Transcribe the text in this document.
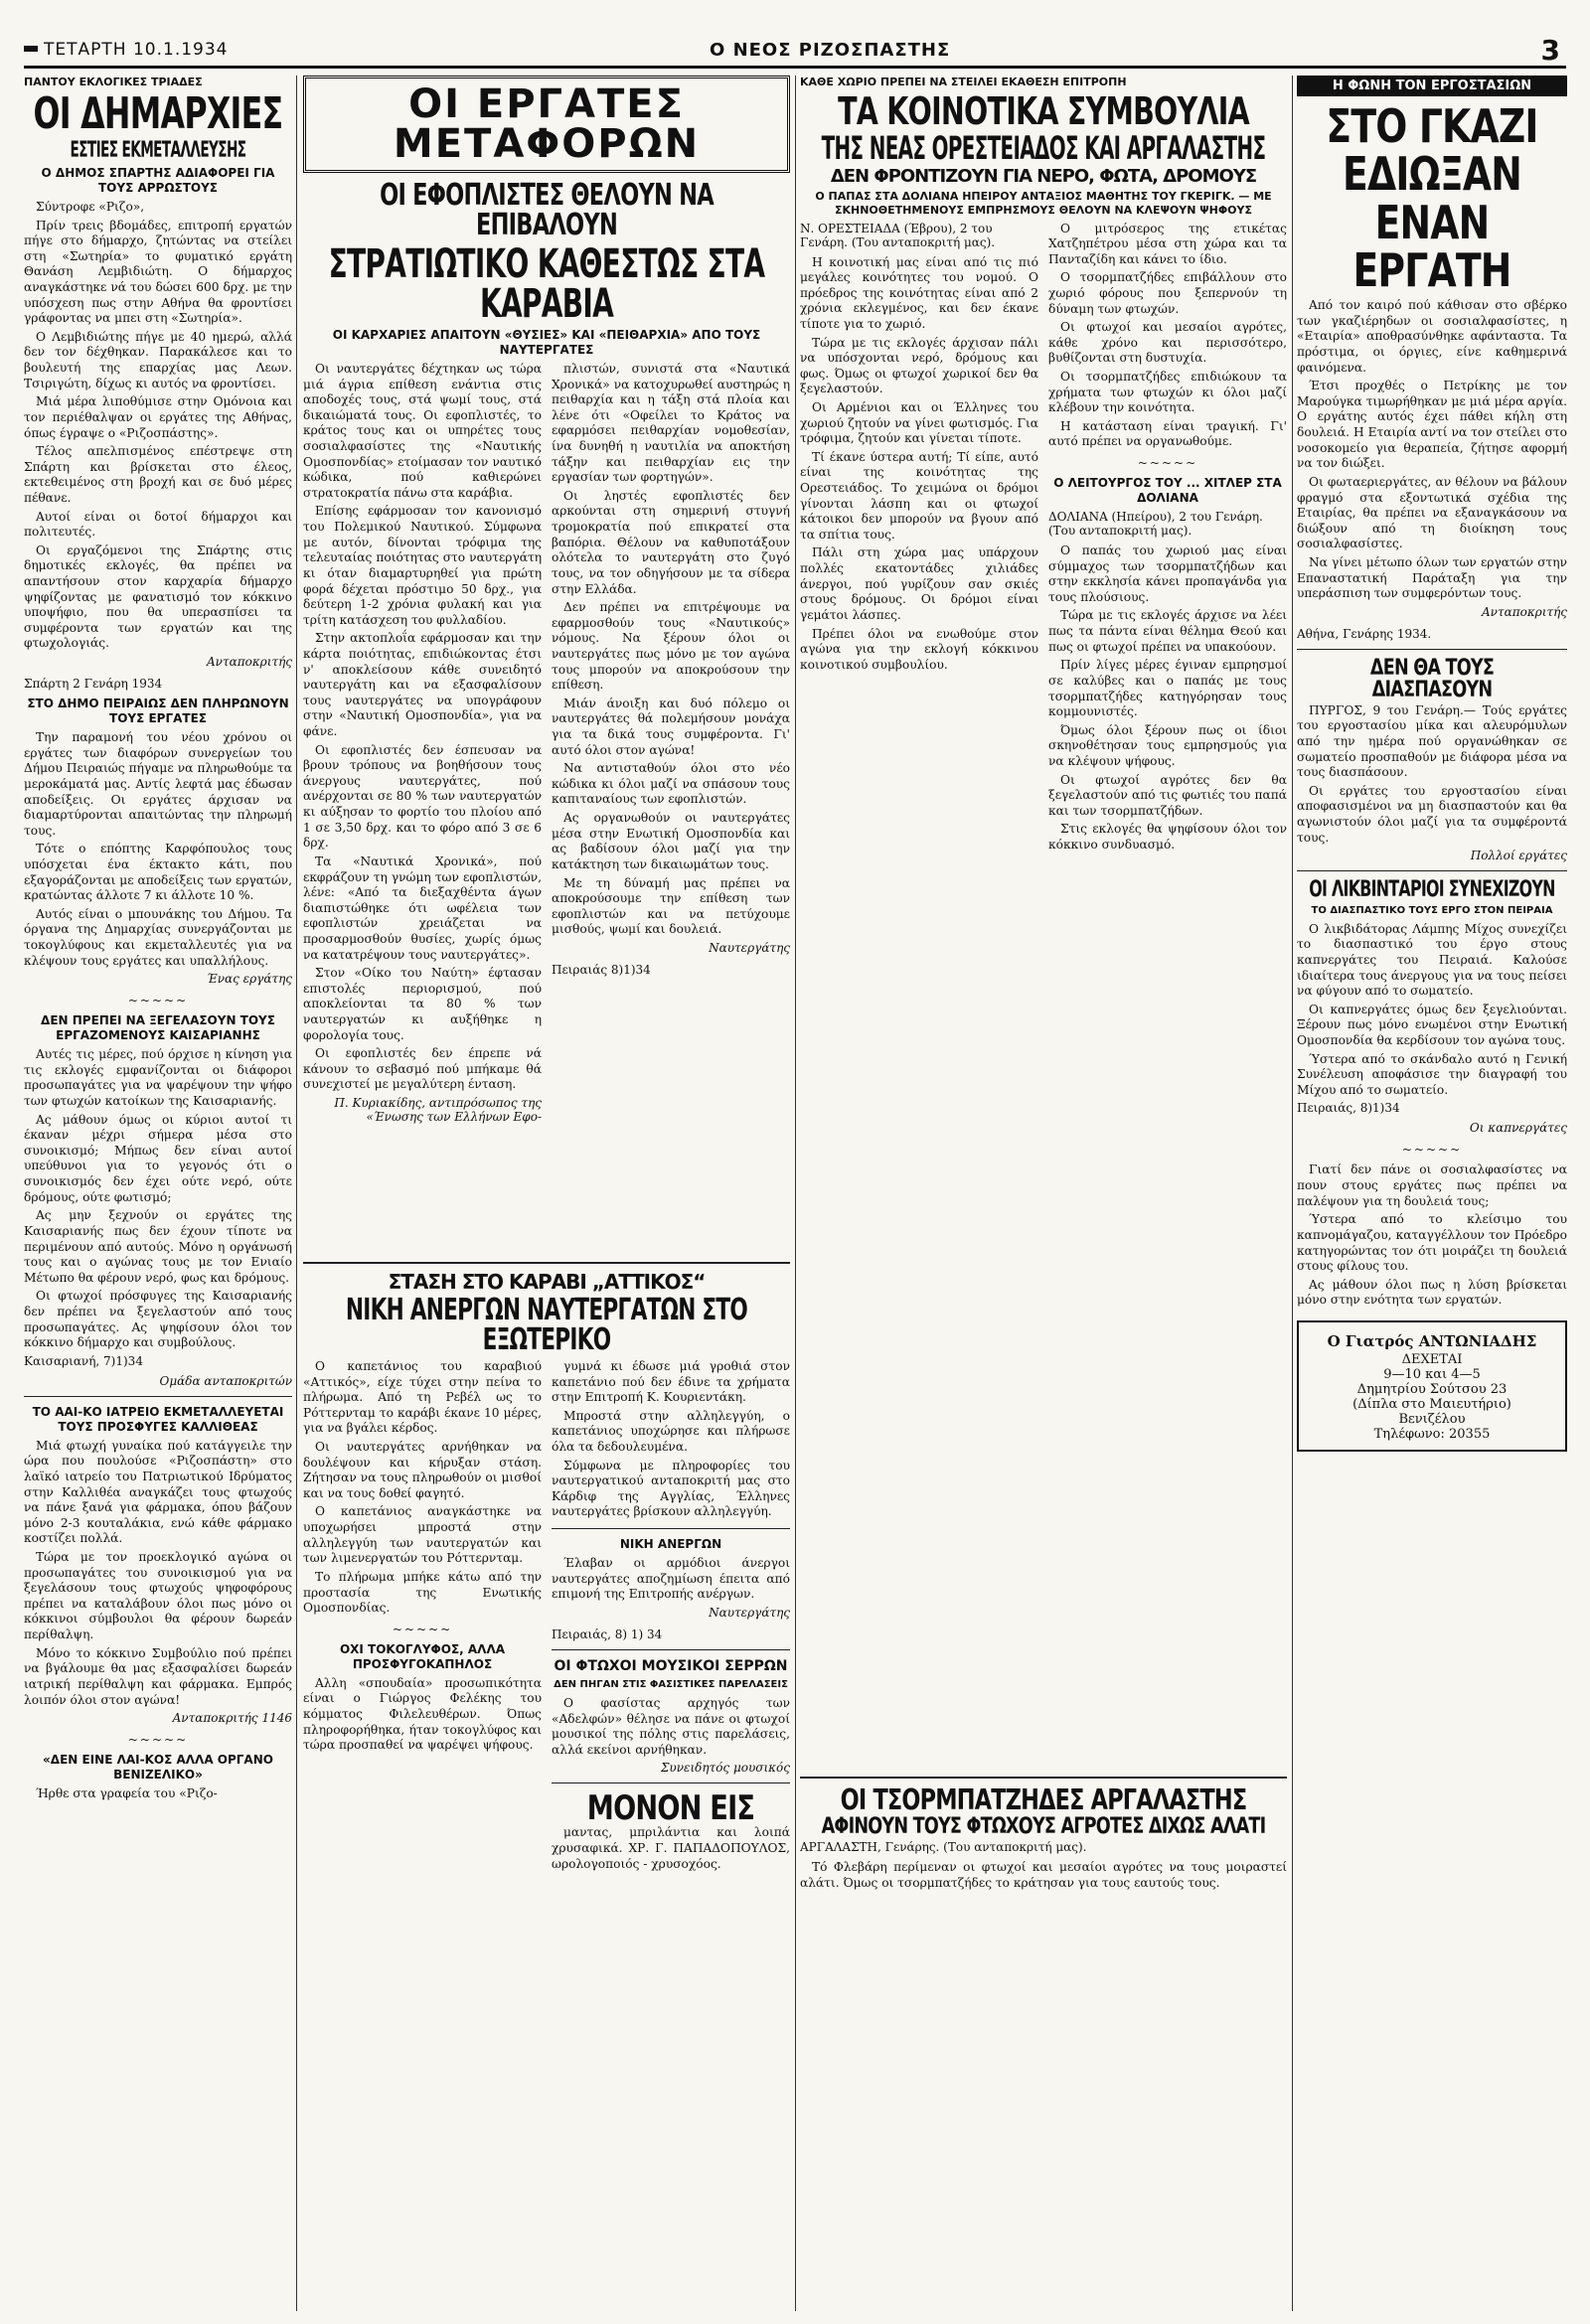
ΤΕΤΑΡΤΗ 10.1.1934	Ο ΝΕΟΣ ΡΙΖΟΣΠΑΣΤΗΣ	3

ΠΑΝΤΟΥ ΕΚΛΟΓΙΚΕΣ ΤΡΙΑΔΕΣ

ΟΙ ΔΗΜΑΡΧΙΕΣ
ΕΣΤΙΕΣ ΕΚΜΕΤΑΛΛΕΥΣΗΣ

Ο ΔΗΜΟΣ ΣΠΑΡΤΗΣ ΑΔΙΑΦΟΡΕΙ ΓΙΑ ΤΟΥΣ ΑΡΡΩΣΤΟΥΣ

Σύντροφε «Ριζο»,

Πρίν τρεις βδομάδες, επιτροπή εργατών πήγε στο δήμαρχο, ζητώντας να στείλει στη «Σωτηρία» το φυματικό εργάτη Θανάση Λεμβιδιώτη. Ο δήμαρχος αναγκάστηκε νά του δώσει 600 δρχ. με την υπόσχεση πως στην Αθήνα θα φροντίσει γράφοντας να μπει στη «Σωτηρία».

Ο Λεμβιδιώτης πήγε με 40 ημερώ, αλλά δεν τον δέχθηκαν. Παρακάλεσε και το βουλευτή της επαρχίας μας Λεων. Τσιριγώτη, δίχως κι αυτός να φροντίσει.

Μιά μέρα λιποθύμισε στην Ομόνοια και τον περιέθαλψαν οι εργάτες της Αθήνας, όπως έγραψε ο «Ριζοσπάστης».

Τέλος απελπισμένος επέστρεψε στη Σπάρτη και βρίσκεται στο έλεος, εκτεθειμένος στη βροχή και σε δυό μέρες πέθανε.

Αυτοί είναι οι δοτοί δήμαρχοι και πολιτευτές.

Οι εργαζόμενοι της Σπάρτης στις δημοτικές εκλογές, θα πρέπει να απαντήσουν στον καρχαρία δήμαρχο ψηφίζοντας με φανατισμό τον κόκκινο υποψήφιο, που θα υπερασπίσει τα συμφέροντα των εργατών και της φτωχολογιάς.

Ανταποκριτής

Σπάρτη 2 Γενάρη 1934

ΣΤΟ ΔΗΜΟ ΠΕΙΡΑΙΩΣ ΔΕΝ ΠΛΗΡΩΝΟΥΝ ΤΟΥΣ ΕΡΓΑΤΕΣ

Την παραμονή του νέου χρόνου οι εργάτες των διαφόρων συνεργείων του Δήμου Πειραιώς πήγαμε να πληρωθούμε τα μεροκάματά μας. Αντίς λεφτά μας έδωσαν αποδείξεις. Οι εργάτες άρχισαν να διαμαρτύρονται απαιτώντας την πληρωμή τους.

Τότε ο επόπτης Καρφόπουλος τους υπόσχεται ένα έκτακτο κάτι, που εξαγοράζονται με αποδείξεις των εργατών, κρατώντας άλλοτε 7 κι άλλοτε 10 %.

Αυτός είναι ο μπουνάκης του Δήμου. Τα όργανα της Δημαρχίας συνεργάζονται με τοκογλύφους και εκμεταλλευτές για να κλέψουν τους εργάτες και υπαλλήλους.

Ένας εργάτης

~~~~~

ΔΕΝ ΠΡΕΠΕΙ ΝΑ ΞΕΓΕΛΑΣΟΥΝ ΤΟΥΣ ΕΡΓΑΖΟΜΕΝΟΥΣ ΚΑΙΣΑΡΙΑΝΗΣ

Αυτές τις μέρες, πού όρχισε η κίνηση για τις εκλογές εμφανίζονται οι διάφοροι προσωπαγάτες για να ψαρέψουν την ψήφο των φτωχών κατοίκων της Καισαριανής.

Ας μάθουν όμως οι κύριοι αυτοί τι έκαναν μέχρι σήμερα μέσα στο συνοικισμό; Μήπως δεν είναι αυτοί υπεύθυνοι για το γεγονός ότι ο συνοικισμός δεν έχει ούτε νερό, ούτε δρόμους, ούτε φωτισμό;

Ας μην ξεχνούν οι εργάτες της Καισαριανής πως δεν έχουν τίποτε να περιμένουν από αυτούς. Μόνο η οργάνωσή τους και ο αγώνας τους με τον Ενιαίο Μέτωπο θα φέρουν νερό, φως και δρόμους.

Οι φτωχοί πρόσφυγες της Καισαριανής δεν πρέπει να ξεγελαστούν από τους προσωπαγάτες. Ας ψηφίσουν όλοι τον κόκκινο δήμαρχο και συμβούλους.

Καισαριανή, 7)1)34

Ομάδα ανταποκριτών

ΤΟ ΑΑΙ-ΚΟ ΙΑΤΡΕΙΟ ΕΚΜΕΤΑΛΛΕΥΕΤΑΙ ΤΟΥΣ ΠΡΟΣΦΥΓΕΣ ΚΑΛΛΙΘΕΑΣ

Μιά φτωχή γυναίκα πού κατάγγειλε την ώρα που πουλούσε «Ριζοσπάστη» στο λαϊκό ιατρείο του Πατριωτικού Ιδρύματος στην Καλλιθέα αναγκάζει τους φτωχούς να πάνε ξανά για φάρμακα, όπου βάζουν μόνο 2-3 κουταλάκια, ενώ κάθε φάρμακο κοστίζει πολλά.

Τώρα με τον προεκλογικό αγώνα οι προσωπαγάτες του συνοικισμού για να ξεγελάσουν τους φτωχούς ψηφοφόρους πρέπει να καταλάβουν όλοι πως μόνο οι κόκκινοι σύμβουλοι θα φέρουν δωρεάν περίθαλψη.

Μόνο το κόκκινο Συμβούλιο πού πρέπει να βγάλουμε θα μας εξασφαλίσει δωρεάν ιατρική περίθαλψη και φάρμακα. Εμπρός λοιπόν όλοι στον αγώνα!

Ανταποκριτής 1146

~~~~~

«ΔΕΝ ΕΙΝΕ ΛΑΙ-ΚΟΣ ΑΛΛΑ ΟΡΓΑΝΟ ΒΕΝΙΖΕΛΙΚΟ»

Ήρθε στα γραφεία του «Ριζο-

ΟΙ ΕΡΓΑΤΕΣ ΜΕΤΑΦΟΡΩΝ
ΟΙ ΕΦΟΠΛΙΣΤΕΣ ΘΕΛΟΥΝ ΝΑ ΕΠΙΒΑΛΟΥΝ
ΣΤΡΑΤΙΩΤΙΚΟ ΚΑΘΕΣΤΩΣ ΣΤΑ ΚΑΡΑΒΙΑ

ΟΙ ΚΑΡΧΑΡΙΕΣ ΑΠΑΙΤΟΥΝ «ΘΥΣΙΕΣ» ΚΑΙ «ΠΕΙΘΑΡΧΙΑ» ΑΠΟ ΤΟΥΣ ΝΑΥΤΕΡΓΑΤΕΣ

Οι ναυτεργάτες δέχτηκαν ως τώρα μιά άγρια επίθεση ενάντια στις αποδοχές τους, στά ψωμί τους, στά δικαιώματά τους. Οι εφοπλιστές, το κράτος τους και οι υπηρέτες τους σοσιαλφασίστες της «Ναυτικής Ομοσπονδίας» ετοίμασαν τον ναυτικό κώδικα, πού καθιερώνει στρατοκρατία πάνω στα καράβια.

Επίσης εφάρμοσαν τον κανονισμό του Πολεμικού Ναυτικού. Σύμφωνα με αυτόν, δίνονται τρόφιμα της τελευταίας ποιότητας στο ναυτεργάτη κι όταν διαμαρτυρηθεί για πρώτη φορά δέχεται πρόστιμο 50 δρχ., για δεύτερη 1-2 χρόνια φυλακή και για τρίτη κατάσχεση του φυλλαδίου.

Στην ακτοπλοΐα εφάρμοσαν και την κάρτα ποιότητας, επιδιώκοντας έτσι ν' αποκλείσουν κάθε συνειδητό ναυτεργάτη και να εξασφαλίσουν τους ναυτεργάτες να υπογράφουν στην «Ναυτική Ομοσπονδία», για να φάνε.

Οι εφοπλιστές δεν έσπευσαν να βρουν τρόπους να βοηθήσουν τους άνεργους ναυτεργάτες, πού ανέρχονται σε 80 % των ναυτεργατών κι αύξησαν το φορτίο του πλοίου από 1 σε 3,50 δρχ. και το φόρο από 3 σε 6 δρχ.

Τα «Ναυτικά Χρονικά», πού εκφράζουν τη γνώμη των εφοπλιστών, λένε: «Από τα διεξαχθέντα άγων διαπιστώθηκε ότι ωφέλεια των εφοπλιστών χρειάζεται να προσαρμοσθούν θυσίες, χωρίς όμως να κατατρέψουν τους ναυτεργάτες».

Στον «Οίκο του Ναύτη» έφτασαν επιστολές περιορισμού, πού αποκλείονται τα 80 % των ναυτεργατών κι αυξήθηκε η φορολογία τους.

Οι εφοπλιστές δεν έπρεπε νά κάνουν το σεβασμό πού μπήκαμε θά συνεχιστεί με μεγαλύτερη ένταση.

Π. Κυριακίδης, αντιπρόσωπος της «Ένωσης των Ελλήνων Εφο-

πλιστών, συνιστά στα «Ναυτικά Χρονικά» να κατοχυρωθεί αυστηρώς η πειθαρχία και η τάξη στά πλοία και λένε ότι «Οφείλει το Κράτος να εφαρμόσει πειθαρχίαν νομοθεσίαν, ίνα δυνηθή η ναυτιλία να αποκτήση τάξην και πειθαρχίαν εις την εργασίαν των φορτηγών».

Οι ληστές εφοπλιστές δεν αρκούνται στη σημερινή στυγνή τρομοκρατία πού επικρατεί στα βαπόρια. Θέλουν να καθυποτάξουν ολότελα το ναυτεργάτη στο ζυγό τους, να τον οδηγήσουν με τα σίδερα στην Ελλάδα.

Δεν πρέπει να επιτρέψουμε να εφαρμοσθούν τους «Ναυτικούς» νόμους. Να ξέρουν όλοι οι ναυτεργάτες πως μόνο με τον αγώνα τους μπορούν να αποκρούσουν την επίθεση.

Μιάν άνοιξη και δυό πόλεμο οι ναυτεργάτες θά πολεμήσουν μονάχα για τα δικά τους συμφέροντα. Γι' αυτό όλοι στον αγώνα!

Να αντισταθούν όλοι στο νέο κώδικα κι όλοι μαζί να σπάσουν τους καπιταναίους των εφοπλιστών.

Ας οργανωθούν οι ναυτεργάτες μέσα στην Ενωτική Ομοσπονδία και ας βαδίσουν όλοι μαζί για την κατάκτηση των δικαιωμάτων τους.

Με τη δύναμή μας πρέπει να αποκρούσουμε την επίθεση των εφοπλιστών και να πετύχουμε μισθούς, ψωμί και δουλειά.

Ναυτεργάτης

Πειραιάς 8)1)34

ΣΤΑΣΗ ΣΤΟ ΚΑΡΑΒΙ „ΑΤΤΙΚΟΣ“
ΝΙΚΗ ΑΝΕΡΓΩΝ ΝΑΥΤΕΡΓΑΤΩΝ ΣΤΟ ΕΞΩΤΕΡΙΚΟ

Ο καπετάνιος του καραβιού «Αττικός», είχε τύχει στην πείνα το πλήρωμα. Από τη Ρεβέλ ως το Ρόττερνταμ το καράβι έκανε 10 μέρες, για να βγάλει κέρδος.

Οι ναυτεργάτες αρνήθηκαν να δουλέψουν και κήρυξαν στάση. Ζήτησαν να τους πληρωθούν οι μισθοί και να τους δοθεί φαγητό.

Ο καπετάνιος αναγκάστηκε να υποχωρήσει μπροστά στην αλληλεγγύη των ναυτεργατών και των λιμενεργατών του Ρόττερνταμ.

Το πλήρωμα μπήκε κάτω από την προστασία της Ενωτικής Ομοσπονδίας.

~~~~~

ΟΧΙ ΤΟΚΟΓΛΥΦΟΣ, ΑΛΛΑ ΠΡΟΣΦΥΓΟΚΑΠΗΛΟΣ

Αλλη «σπουδαία» προσωπικότητα είναι ο Γιώργος Φελέκης του κόμματος Φιλελευθέρων. Όπως πληροφορήθηκα, ήταν τοκογλύφος και τώρα προσπαθεί να ψαρέψει ψήφους.

γυμνά κι έδωσε μιά γροθιά στον καπετάνιο πού δεν έδινε τα χρήματα στην Επιτροπή Κ. Κουριεντάκη.

Μπροστά στην αλληλεγγύη, ο καπετάνιος υποχώρησε και πλήρωσε όλα τα δεδουλευμένα.

Σύμφωνα με πληροφορίες του ναυτεργατικού ανταποκριτή μας στο Κάρδιφ της Αγγλίας, Έλληνες ναυτεργάτες βρίσκουν αλληλεγγύη.

ΝΙΚΗ ΑΝΕΡΓΩΝ

Έλαβαν οι αρμόδιοι άνεργοι ναυτεργάτες αποζημίωση έπειτα από επιμονή της Επιτροπής ανέργων.

Ναυτεργάτης

Πειραιάς, 8) 1) 34

ΟΙ ΦΤΩΧΟΙ ΜΟΥΣΙΚΟΙ ΣΕΡΡΩΝ

ΔΕΝ ΠΗΓΑΝ ΣΤΙΣ ΦΑΣΙΣΤΙΚΕΣ ΠΑΡΕΛΑΣΕΙΣ

Ο φασίστας αρχηγός των «Αδελφών» θέλησε να πάνε οι φτωχοί μουσικοί της πόλης στις παρελάσεις, αλλά εκείνοι αρνήθηκαν.

Συνειδητός μουσικός

ΜΟΝΟΝ ΕΙΣ

μαντας, μπριλάντια και λοιπά χρυσαφικά. ΧΡ. Γ. ΠΑΠΑΔΟΠΟΥΛΟΣ, ωρολογοποιός - χρυσοχόος.

ΚΑΘΕ ΧΩΡΙΟ ΠΡΕΠΕΙ ΝΑ ΣΤΕΙΛΕΙ ΕΚΑΘΕΣΗ ΕΠΙΤΡΟΠΗ

ΤΑ ΚΟΙΝΟΤΙΚΑ ΣΥΜΒΟΥΛΙΑ
ΤΗΣ ΝΕΑΣ ΟΡΕΣΤΕΙΑΔΟΣ ΚΑΙ ΑΡΓΑΛΑΣΤΗΣ
ΔΕΝ ΦΡΟΝΤΙΖΟΥΝ ΓΙΑ ΝΕΡΟ, ΦΩΤΑ, ΔΡΟΜΟΥΣ

Ο ΠΑΠΑΣ ΣΤΑ ΔΟΛΙΑΝΑ ΗΠΕΙΡΟΥ ΑΝΤΑΞΙΟΣ ΜΑΘΗΤΗΣ ΤΟΥ ΓΚΕΡΙΓΚ. — ΜΕ ΣΚΗΝΟΘΕΤΗΜΕΝΟΥΣ ΕΜΠΡΗΣΜΟΥΣ ΘΕΛΟΥΝ ΝΑ ΚΛΕΨΟΥΝ ΨΗΦΟΥΣ

Ν. ΟΡΕΣΤΕΙΑΔΑ (Έβρου), 2 του Γενάρη. (Του ανταποκριτή μας).

Η κοινοτική μας είναι από τις πιό μεγάλες κοινότητες του νομού. Ο πρόεδρος της κοινότητας είναι από 2 χρόνια εκλεγμένος, και δεν έκανε τίποτε για το χωριό.

Τώρα με τις εκλογές άρχισαν πάλι να υπόσχονται νερό, δρόμους και φως. Όμως οι φτωχοί χωρικοί δεν θα ξεγελαστούν.

Οι Αρμένιοι και οι Έλληνες του χωριού ζητούν να γίνει φωτισμός. Για τρόφιμα, ζητούν και γίνεται τίποτε.

Τί έκανε ύστερα αυτή; Τί είπε, αυτό είναι της κοινότητας της Ορεστειάδος. Το χειμώνα οι δρόμοι γίνονται λάσπη και οι φτωχοί κάτοικοι δεν μπορούν να βγουν από τα σπίτια τους.

Πάλι στη χώρα μας υπάρχουν πολλές εκατοντάδες χιλιάδες άνεργοι, πού γυρίζουν σαν σκιές στους δρόμους. Οι δρόμοι είναι γεμάτοι λάσπες.

Πρέπει όλοι να ενωθούμε στον αγώνα για την εκλογή κόκκινου κοινοτικού συμβουλίου.

Ο μιτρόσερος της ετικέτας Χατζηπέτρου μέσα στη χώρα και τα Πανταζίδη και κάνει το ίδιο.

Ο τσορμπατζήδες επιβάλλουν στο χωριό φόρους που ξεπερνούν τη δύναμη των φτωχών.

Οι φτωχοί και μεσαίοι αγρότες, κάθε χρόνο και περισσότερο, βυθίζονται στη δυστυχία.

Οι τσορμπατζήδες επιδιώκουν τα χρήματα των φτωχών κι όλοι μαζί κλέβουν την κοινότητα.

Η κατάσταση είναι τραγική. Γι' αυτό πρέπει να οργανωθούμε.

~~~~~

Ο ΛΕΙΤΟΥΡΓΟΣ ΤΟΥ ... ΧΙΤΛΕΡ ΣΤΑ ΔΟΛΙΑΝΑ

ΔΟΛΙΑΝΑ (Ηπείρου), 2 του Γενάρη. (Του ανταποκριτή μας).

Ο παπάς του χωριού μας είναι σύμμαχος των τσορμπατζήδων και στην εκκλησία κάνει προπαγάνδα για τους πλούσιους.

Τώρα με τις εκλογές άρχισε να λέει πως τα πάντα είναι θέλημα Θεού και πως οι φτωχοί πρέπει να υπακούουν.

Πρίν λίγες μέρες έγιναν εμπρησμοί σε καλύβες και ο παπάς με τους τσορμπατζήδες κατηγόρησαν τους κομμουνιστές.

Όμως όλοι ξέρουν πως οι ίδιοι σκηνοθέτησαν τους εμπρησμούς για να κλέψουν ψήφους.

Οι φτωχοί αγρότες δεν θα ξεγελαστούν από τις φωτιές του παπά και των τσορμπατζήδων.

Στις εκλογές θα ψηφίσουν όλοι τον κόκκινο συνδυασμό.

ΟΙ ΤΣΟΡΜΠΑΤΖΗΔΕΣ ΑΡΓΑΛΑΣΤΗΣ
ΑΦΙΝΟΥΝ ΤΟΥΣ ΦΤΩΧΟΥΣ ΑΓΡΟΤΕΣ ΔΙΧΩΣ ΑΛΑΤΙ

ΑΡΓΑΛΑΣΤΗ, Γενάρης. (Του ανταποκριτή μας).

Τό Φλεβάρη περίμεναν οι φτωχοί και μεσαίοι αγρότες να τους μοιραστεί αλάτι. Όμως οι τσορμπατζήδες το κράτησαν για τους εαυτούς τους.

Η ΦΩΝΗ ΤΟΝ ΕΡΓΟΣΤΑΣΙΩΝ
ΣΤΟ ΓΚΑΖΙ ΕΔΙΩΞΑΝ ΕΝΑΝ ΕΡΓΑΤΗ

Από τον καιρό πού κάθισαν στο σβέρκο των γκαζιέρηδων οι σοσιαλφασίστες, η «Εταιρία» αποθρασύνθηκε αφάνταστα. Τα πρόστιμα, οι όργιες, είνε καθημερινά φαινόμενα.

Έτσι προχθές ο Πετρίκης με τον Μαρούγκα τιμωρήθηκαν με μιά μέρα αργία. Ο εργάτης αυτός έχει πάθει κήλη στη δουλειά. Η Εταιρία αντί να τον στείλει στο νοσοκομείο για θεραπεία, ζήτησε αφορμή να τον διώξει.

Οι φωταεριεργάτες, αν θέλουν να βάλουν φραγμό στα εξοντωτικά σχέδια της Εταιρίας, θα πρέπει να εξαναγκάσουν να διώξουν από τη διοίκηση τους σοσιαλφασίστες.

Να γίνει μέτωπο όλων των εργατών στην Επαναστατική Παράταξη για την υπεράσπιση των συμφερόντων τους.

Ανταποκριτής

Αθήνα, Γενάρης 1934.

ΔΕΝ ΘΑ ΤΟΥΣ ΔΙΑΣΠΑΣΟΥΝ

ΠΥΡΓΟΣ, 9 του Γενάρη.— Τούς εργάτες του εργοστασίου μίκα και αλευρόμυλων από την ημέρα πού οργανώθηκαν σε σωματείο προσπαθούν με διάφορα μέσα να τους διασπάσουν.

Οι εργάτες του εργοστασίου είναι αποφασισμένοι να μη διασπαστούν και θα αγωνιστούν όλοι μαζί για τα συμφέροντά τους.

Πολλοί εργάτες

ΟΙ ΛΙΚΒΙΝΤΑΡΙΟΙ ΣΥΝΕΧΙΖΟΥΝ

ΤΟ ΔΙΑΣΠΑΣΤΙΚΟ ΤΟΥΣ ΕΡΓΟ ΣΤΟΝ ΠΕΙΡΑΙΑ

Ο λικβιδάτορας Λάμπης Μίχος συνεχίζει το διασπαστικό του έργο στους καπνεργάτες του Πειραιά. Καλούσε ιδιαίτερα τους άνεργους για να τους πείσει να φύγουν από το σωματείο.

Οι καπνεργάτες όμως δεν ξεγελιούνται. Ξέρουν πως μόνο ενωμένοι στην Ενωτική Ομοσπονδία θα κερδίσουν τον αγώνα τους.

Ύστερα από το σκάνδαλο αυτό η Γενική Συνέλευση αποφάσισε την διαγραφή του Μίχου από το σωματείο.

Πειραιάς, 8)1)34

Οι καπνεργάτες

~~~~~

Γιατί δεν πάνε οι σοσιαλφασίστες να πουν στους εργάτες πως πρέπει να παλέψουν για τη δουλειά τους;

Ύστερα από το κλείσιμο του καπνομάγαζου, καταγγέλλουν τον Πρόεδρο κατηγορώντας τον ότι μοιράζει τη δουλειά στους φίλους του.

Ας μάθουν όλοι πως η λύση βρίσκεται μόνο στην ενότητα των εργατών.

Ο Γιατρός ΑΝΤΩΝΙΑΔΗΣ
ΔΕΧΕΤΑΙ
9—10 και 4—5
Δημητρίου Σούτσου 23
(Δίπλα στο Μαιευτήριο)
Βενιζέλου
Τηλέφωνο: 20355
